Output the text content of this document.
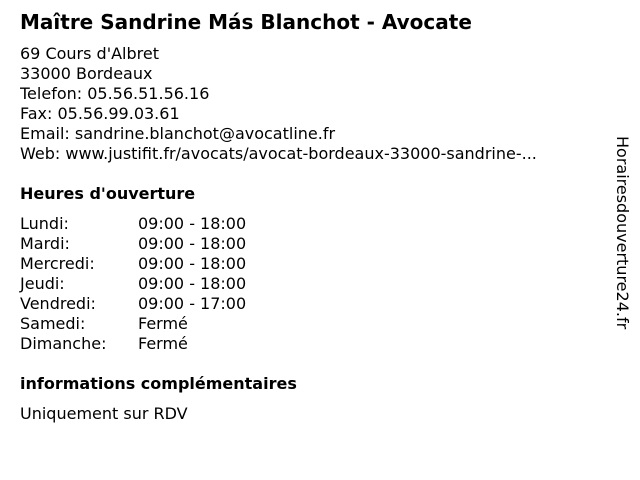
Maître Sandrine Más Blanchot - Avocate
69 Cours d'Albret
33000 Bordeaux
Telefon: 05.56.51.56.16
Fax: 05.56.99.03.61
Email: sandrine.blanchot@avocatline.fr
Web: www.justifit.fr/avocats/avocat-bordeaux-33000-sandrine-...
Heures d'ouverture
Lundi:	09:00 - 18:00
Mardi:	09:00 - 18:00
Mercredi:	09:00 - 18:00
Jeudi:	09:00 - 18:00
Vendredi:	09:00 - 17:00
Samedi:	Fermé
Dimanche:	Fermé
informations complémentaires
Uniquement sur RDV
Horairesdouverture24.fr
